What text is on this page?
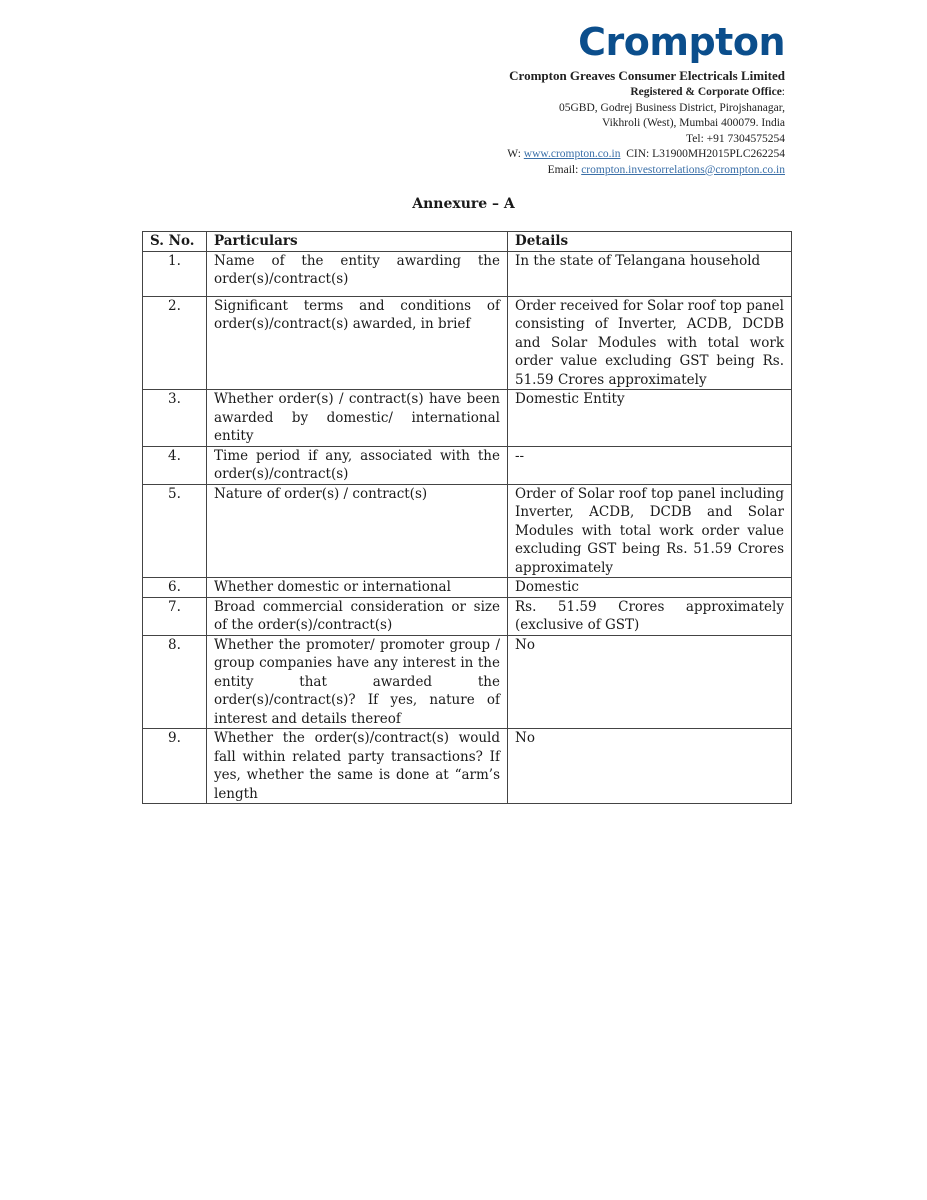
Crompton
Crompton Greaves Consumer Electricals Limited
Registered & Corporate Office:
05GBD, Godrej Business District, Pirojshanagar,
Vikhroli (West), Mumbai 400079. India
Tel: +91 7304575254
W: www.crompton.co.in CIN: L31900MH2015PLC262254
Email: crompton.investorrelations@crompton.co.in
Annexure – A
S. No.	Particulars	Details
1.	Name of the entity awarding the order(s)/contract(s)	In the state of Telangana household
2.	Significant terms and conditions of order(s)/contract(s) awarded, in brief	Order received for Solar roof top panel consisting of Inverter, ACDB, DCDB and Solar Modules with total work order value excluding GST being Rs. 51.59 Crores approximately
3.	Whether order(s) / contract(s) have been awarded by domestic/ international entity	Domestic Entity
4.	Time period if any, associated with the order(s)/contract(s)	--
5.	Nature of order(s) / contract(s)	Order of Solar roof top panel including Inverter, ACDB, DCDB and Solar Modules with total work order value excluding GST being Rs. 51.59 Crores approximately
6.	Whether domestic or international	Domestic
7.	Broad commercial consideration or size of the order(s)/contract(s)	Rs. 51.59 Crores approximately (exclusive of GST)
8.	Whether the promoter/ promoter group / group companies have any interest in the entity that awarded the order(s)/contract(s)? If yes, nature of interest and details thereof	No
9.	Whether the order(s)/contract(s) would fall within related party transactions? If yes, whether the same is done at “arm’s length	No
